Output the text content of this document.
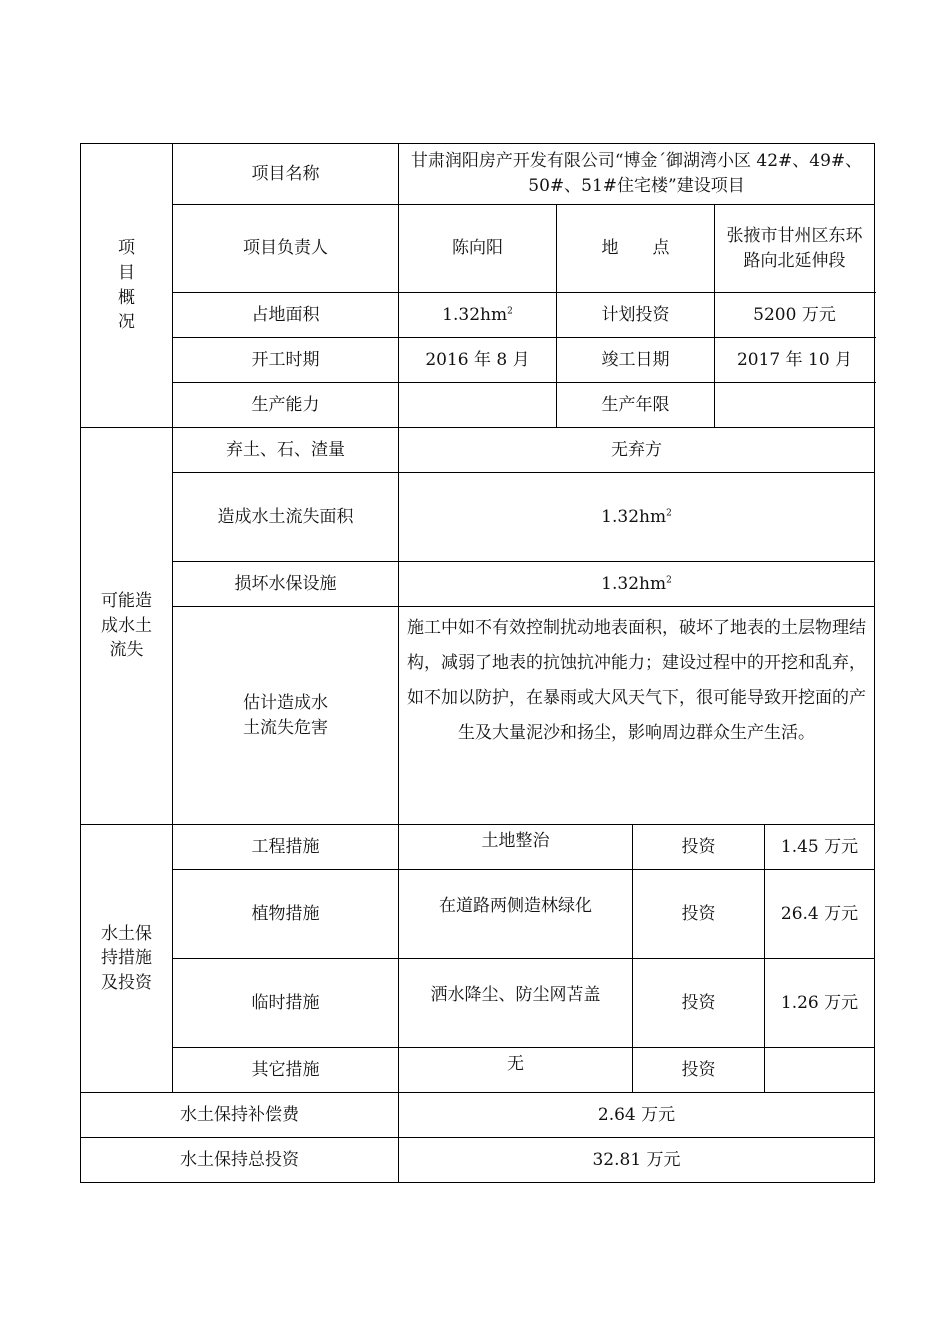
项
目
概
况	项目名称	甘肃润阳房产开发有限公司“博金ˊ御湖湾小区 42#、49#、50#、51#住宅楼”建设项目				
	项目负责人	陈向阳	地　　点		张掖市甘州区东环路向北延伸段	
	占地面积	$1.32hm^2$	计划投资		5200 万元	
	开工时期	2016 年 8 月	竣工日期		2017 年 10 月	
	生产能力		生产年限			
可能造
成水土
流失	弃土、石、渣量	无弃方				
	造成水土流失面积	$1.32hm^2$
	损坏水保设施	$1.32hm^2$
	估计造成水
土流失危害	施工中如不有效控制扰动地表面积，破坏了地表的土层物理结构，减弱了地表的抗蚀抗冲能力；建设过程中的开挖和乱弃，如不加以防护，在暴雨或大风天气下，很可能导致开挖面的产生及大量泥沙和扬尘，影响周边群众生产生活。				
水土保
持措施
及投资	工程措施	土地整治		投资		1.45 万元
	植物措施	在道路两侧造林绿化		投资		26.4 万元
	临时措施	洒水降尘、防尘网苫盖		投资		1.26 万元
	其它措施	无		投资		
水土保持补偿费		2.64 万元				
水土保持总投资		32.81 万元				
